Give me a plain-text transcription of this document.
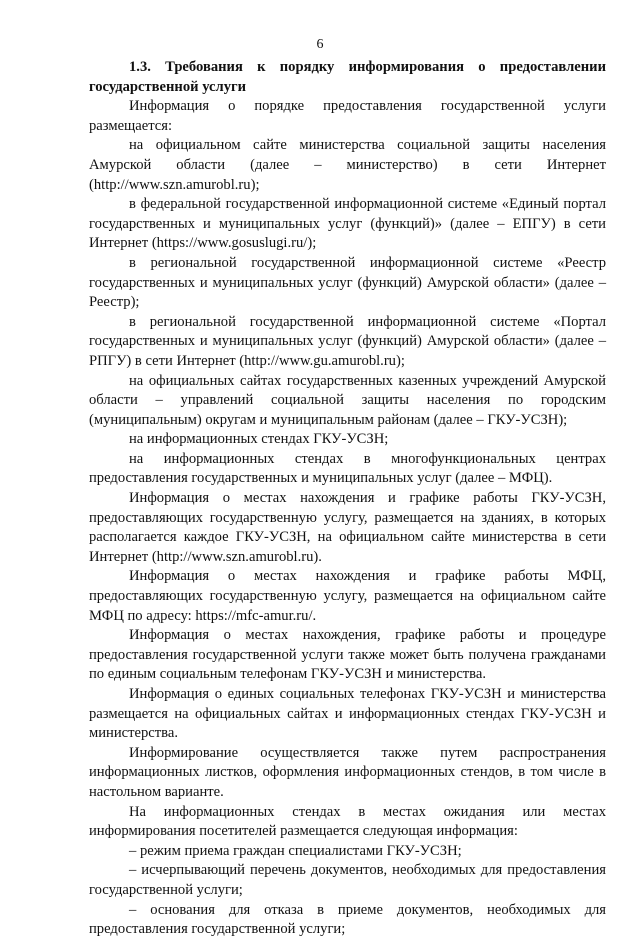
6

1.3. Требования к порядку информирования о предоставлении государственной услуги

Информация о порядке предоставления государственной услуги размещается:

на официальном сайте министерства социальной защиты населения Амурской области (далее – министерство) в сети Интернет (http://www.szn.amurobl.ru);

в федеральной государственной информационной системе «Единый портал государственных и муниципальных услуг (функций)» (далее – ЕПГУ) в сети Интернет (https://www.gosuslugi.ru/);

в региональной государственной информационной системе «Реестр государственных и муниципальных услуг (функций) Амурской области» (далее – Реестр);

в региональной государственной информационной системе «Портал государственных и муниципальных услуг (функций) Амурской области» (далее – РПГУ) в сети Интернет (http://www.gu.amurobl.ru);

на официальных сайтах государственных казенных учреждений Амурской области – управлений социальной защиты населения по городским (муниципальным) округам и муниципальным районам (далее – ГКУ-УСЗН);

на информационных стендах ГКУ-УСЗН;

на информационных стендах в многофункциональных центрах предоставления государственных и муниципальных услуг (далее – МФЦ).

Информация о местах нахождения и графике работы ГКУ-УСЗН, предоставляющих государственную услугу, размещается на зданиях, в которых располагается каждое ГКУ-УСЗН, на официальном сайте министерства в сети Интернет (http://www.szn.amurobl.ru).

Информация о местах нахождения и графике работы МФЦ, предоставляющих государственную услугу, размещается на официальном сайте МФЦ по адресу: https://mfc-amur.ru/.

Информация о местах нахождения, графике работы и процедуре предоставления государственной услуги также может быть получена гражданами по единым социальным телефонам ГКУ-УСЗН и министерства.

Информация о единых социальных телефонах ГКУ-УСЗН и министерства размещается на официальных сайтах и информационных стендах ГКУ-УСЗН и министерства.

Информирование осуществляется также путем распространения информационных листков, оформления информационных стендов, в том числе в настольном варианте.

На информационных стендах в местах ожидания или местах информирования посетителей размещается следующая информация:

– режим приема граждан специалистами ГКУ-УСЗН;

– исчерпывающий перечень документов, необходимых для предоставления государственной услуги;

– основания для отказа в приеме документов, необходимых для предоставления государственной услуги;
